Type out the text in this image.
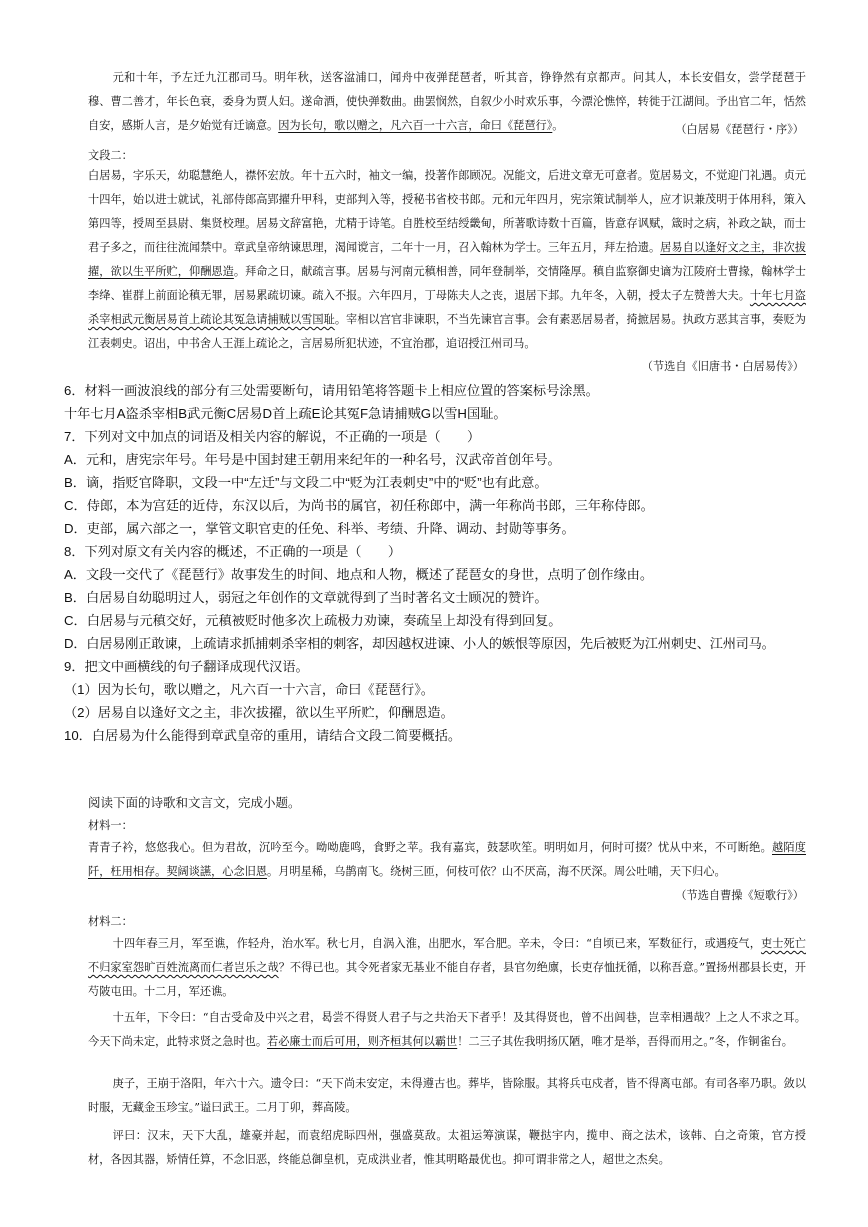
元和十年，予左迁九江郡司马。明年秋，送客湓浦口，闻舟中夜弹琵琶者，听其音，铮铮然有京都声。问其人，本长安倡女，尝学琵琶于穆、曹二善才，年长色衰，委身为贾人妇。遂命酒，使快弹数曲。曲罢悯然，自叙少小时欢乐事，今漂沦憔悴，转徙于江湖间。予出官二年，恬然自安，感斯人言，是夕始觉有迁谪意。因为长句，歌以赠之，凡六百一十六言，命曰《琵琶行》。	（白居易《琵琶行・序》）
文段二：
白居易，字乐天，幼聪慧绝人，襟怀宏放。年十五六时，袖文一编，投著作郎顾况。况能文，后进文章无可意者。览居易文，不觉迎门礼遇。贞元十四年，始以进士就试，礼部侍郎高郢擢升甲科，吏部判入等，授秘书省校书郎。元和元年四月，宪宗策试制举人，应才识兼茂明于体用科，策入第四等，授周至县尉、集贤校理。居易文辞富艳，尤精于诗笔。自胜校至结绶畿甸，所著歌诗数十百篇，皆意存讽赋，箴时之病，补政之缺，而士君子多之，而往往流闻禁中。章武皇帝纳谏思理，渴闻谠言，二年十一月，召入翰林为学士。三年五月，拜左拾遗。居易自以逢好文之主，非次拔擢，欲以生平所贮，仰酬恩造。拜命之日，献疏言事。居易与河南元稹相善，同年登制举，交情隆厚。稹自监察御史谪为江陵府士曹掾，翰林学士李绛、崔群上前面论稹无罪，居易累疏切谏。疏入不报。六年四月，丁母陈夫人之丧，退居下邽。九年冬，入朝，授太子左赞善大夫。十年七月盗杀宰相武元衡居易首上疏论其冤急请捕贼以雪国耻。宰相以宫官非谏职，不当先谏官言事。会有素恶居易者，掎摭居易。执政方恶其言事，奏贬为江表刺史。诏出，中书舍人王涯上疏论之，言居易所犯状迹，不宜治郡，追诏授江州司马。
（节选自《旧唐书・白居易传》）
6．材料一画波浪线的部分有三处需要断句，请用铅笔将答题卡上相应位置的答案标号涂黑。
十年七月A盗杀宰相B武元衡C居易D首上疏E论其冤F急请捕贼G以雪H国耻。
7．下列对文中加点的词语及相关内容的解说，不正确的一项是（　　）
A．元和，唐宪宗年号。年号是中国封建王朝用来纪年的一种名号，汉武帝首创年号。
B．谪，指贬官降职，文段一中“左迁”与文段二中“贬为江表刺史”中的“贬”也有此意。
C．侍郎，本为宫廷的近侍，东汉以后，为尚书的属官，初任称郎中，满一年称尚书郎，三年称侍郎。
D．吏部，属六部之一，掌管文职官吏的任免、科举、考绩、升降、调动、封勋等事务。
8．下列对原文有关内容的概述，不正确的一项是（　　）
A．文段一交代了《琵琶行》故事发生的时间、地点和人物，概述了琵琶女的身世，点明了创作缘由。
B．白居易自幼聪明过人，弱冠之年创作的文章就得到了当时著名文士顾况的赞许。
C．白居易与元稹交好，元稹被贬时他多次上疏极力劝谏，奏疏呈上却没有得到回复。
D．白居易刚正敢谏，上疏请求抓捕刺杀宰相的刺客，却因越权进谏、小人的嫉恨等原因，先后被贬为江州刺史、江州司马。
9．把文中画横线的句子翻译成现代汉语。
（1）因为长句，歌以赠之，凡六百一十六言，命曰《琵琶行》。
（2）居易自以逢好文之主，非次拔擢，欲以生平所贮，仰酬恩造。
10．白居易为什么能得到章武皇帝的重用，请结合文段二简要概括。
阅读下面的诗歌和文言文，完成小题。
材料一：
青青子衿，悠悠我心。但为君故，沉吟至今。呦呦鹿鸣，食野之苹。我有嘉宾，鼓瑟吹笙。明明如月，何时可掇？忧从中来，不可断绝。越陌度阡，枉用相存。契阔谈讌，心念旧恩。月明星稀，乌鹊南飞。绕树三匝，何枝可依？山不厌高，海不厌深。周公吐哺，天下归心。
（节选自曹操《短歌行》）
材料二：
十四年春三月，军至谯，作轻舟，治水军。秋七月，自涡入淮，出肥水，军合肥。辛未，令曰：“自顷已来，军数征行，或遇疫气，吏士死亡不归家室怨旷百姓流离而仁者岂乐之哉？不得已也。其令死者家无基业不能自存者，县官勿绝廪，长吏存恤抚循，以称吾意。”置扬州郡县长吏，开芍陂屯田。十二月，军还谯。
十五年，下令曰：“自古受命及中兴之君，曷尝不得贤人君子与之共治天下者乎！及其得贤也，曾不出闾巷，岂幸相遇哉？上之人不求之耳。今天下尚未定，此特求贤之急时也。若必廉士而后可用，则齐桓其何以霸世！二三子其佐我明扬仄陋，唯才是举，吾得而用之。”冬，作铜雀台。
庚子，王崩于洛阳，年六十六。遗令曰：“天下尚未安定，未得遵古也。葬毕，皆除服。其将兵屯戍者，皆不得离屯部。有司各率乃职。敛以时服，无藏金玉珍宝。”谥曰武王。二月丁卯，葬高陵。
评曰：汉末，天下大乱，雄豪并起，而袁绍虎眎四州，强盛莫敌。太祖运筹演谋，鞭挞宇内，揽申、商之法术，该韩、白之奇策，官方授材，各因其器，矫情任算，不念旧恶，终能总御皇机，克成洪业者，惟其明略最优也。抑可谓非常之人，超世之杰矣。
